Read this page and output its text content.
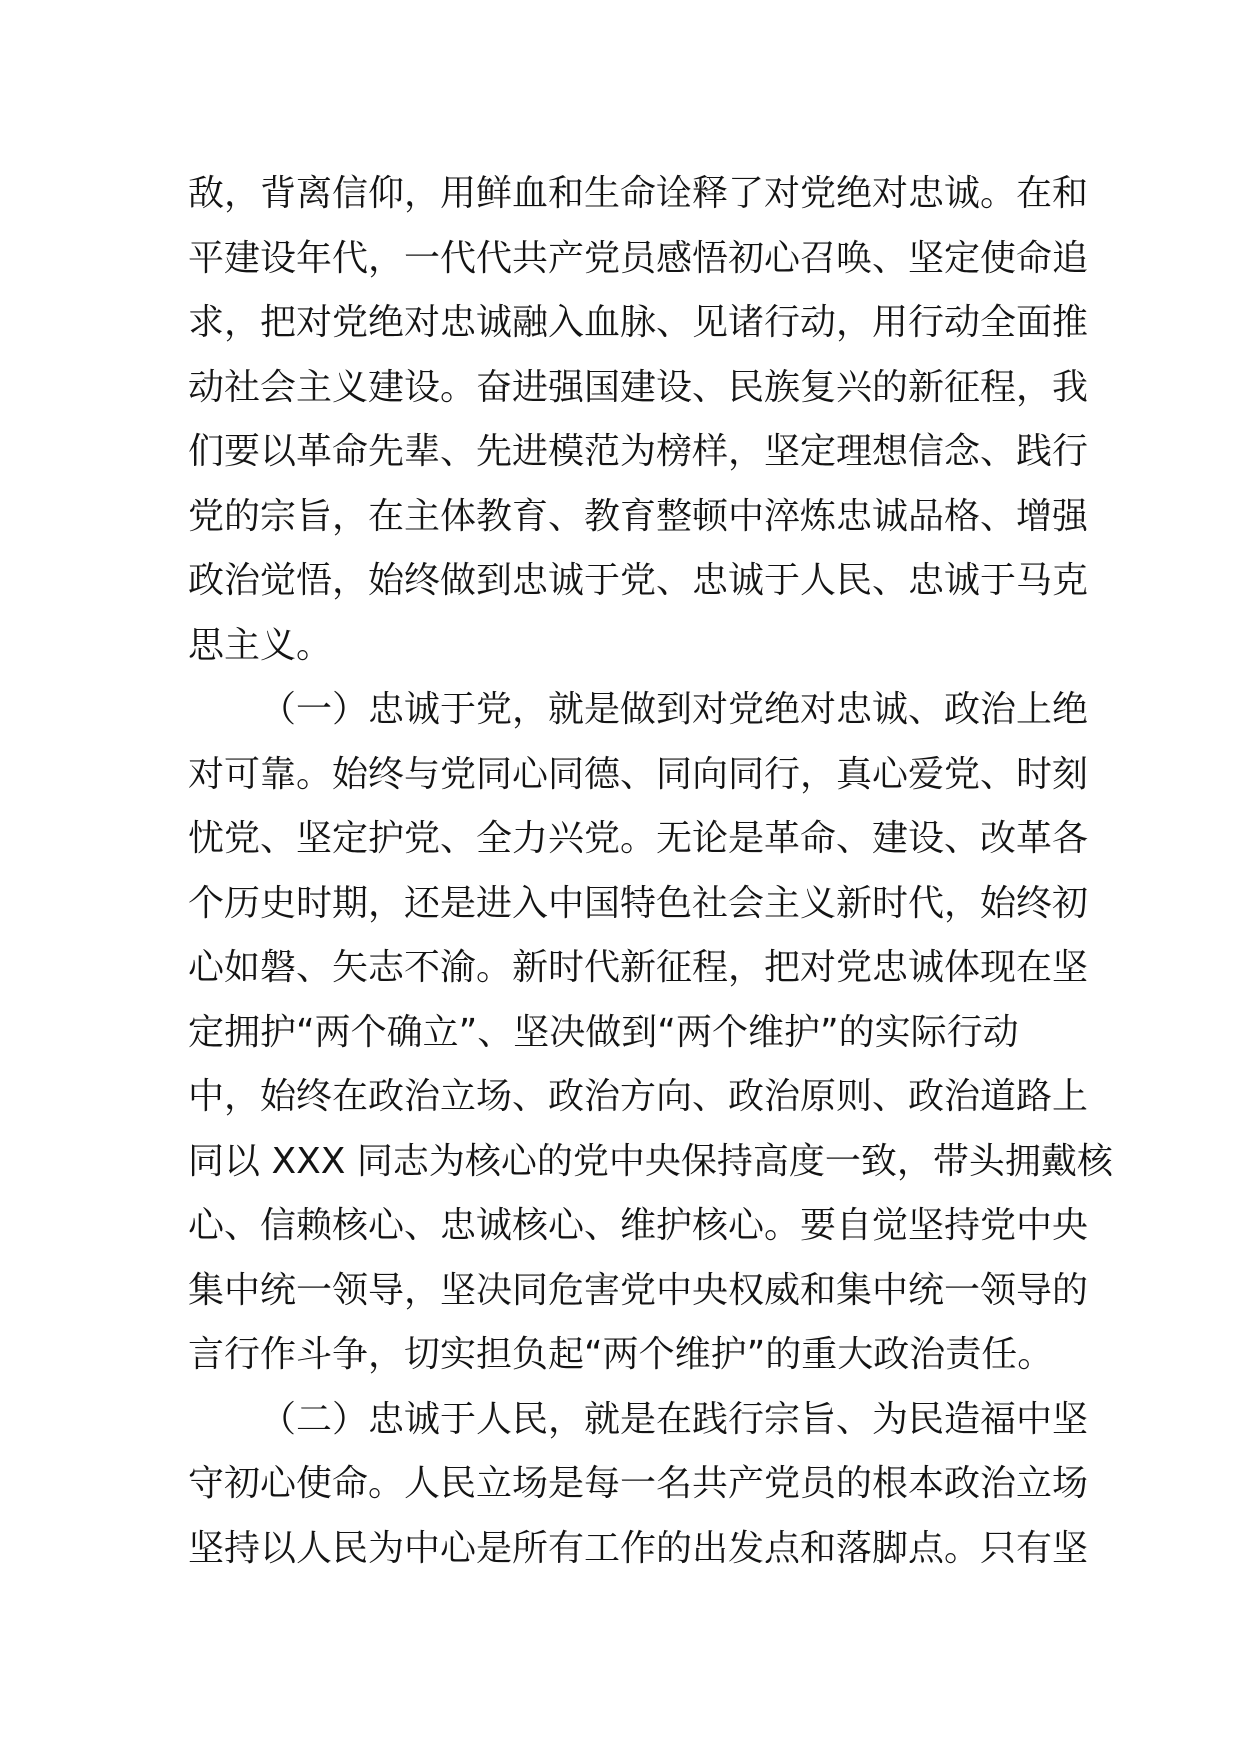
敌，背离信仰，用鲜血和生命诠释了对党绝对忠诚。在和
平建设年代，一代代共产党员感悟初心召唤、坚定使命追
求，把对党绝对忠诚融入血脉、见诸行动，用行动全面推
动社会主义建设。奋进强国建设、民族复兴的新征程，我
们要以革命先辈、先进模范为榜样，坚定理想信念、践行
党的宗旨，在主体教育、教育整顿中淬炼忠诚品格、增强
政治觉悟，始终做到忠诚于党、忠诚于人民、忠诚于马克
思主义。
（一）忠诚于党，就是做到对党绝对忠诚、政治上绝
对可靠。始终与党同心同德、同向同行，真心爱党、时刻
忧党、坚定护党、全力兴党。无论是革命、建设、改革各
个历史时期，还是进入中国特色社会主义新时代，始终初
心如磐、矢志不渝。新时代新征程，把对党忠诚体现在坚
定拥护“两个确立”、坚决做到“两个维护”的实际行动
中，始终在政治立场、政治方向、政治原则、政治道路上
同以 XXX 同志为核心的党中央保持高度一致，带头拥戴核
心、信赖核心、忠诚核心、维护核心。要自觉坚持党中央
集中统一领导，坚决同危害党中央权威和集中统一领导的
言行作斗争，切实担负起“两个维护”的重大政治责任。
（二）忠诚于人民，就是在践行宗旨、为民造福中坚
守初心使命。人民立场是每一名共产党员的根本政治立场
坚持以人民为中心是所有工作的出发点和落脚点。只有坚
